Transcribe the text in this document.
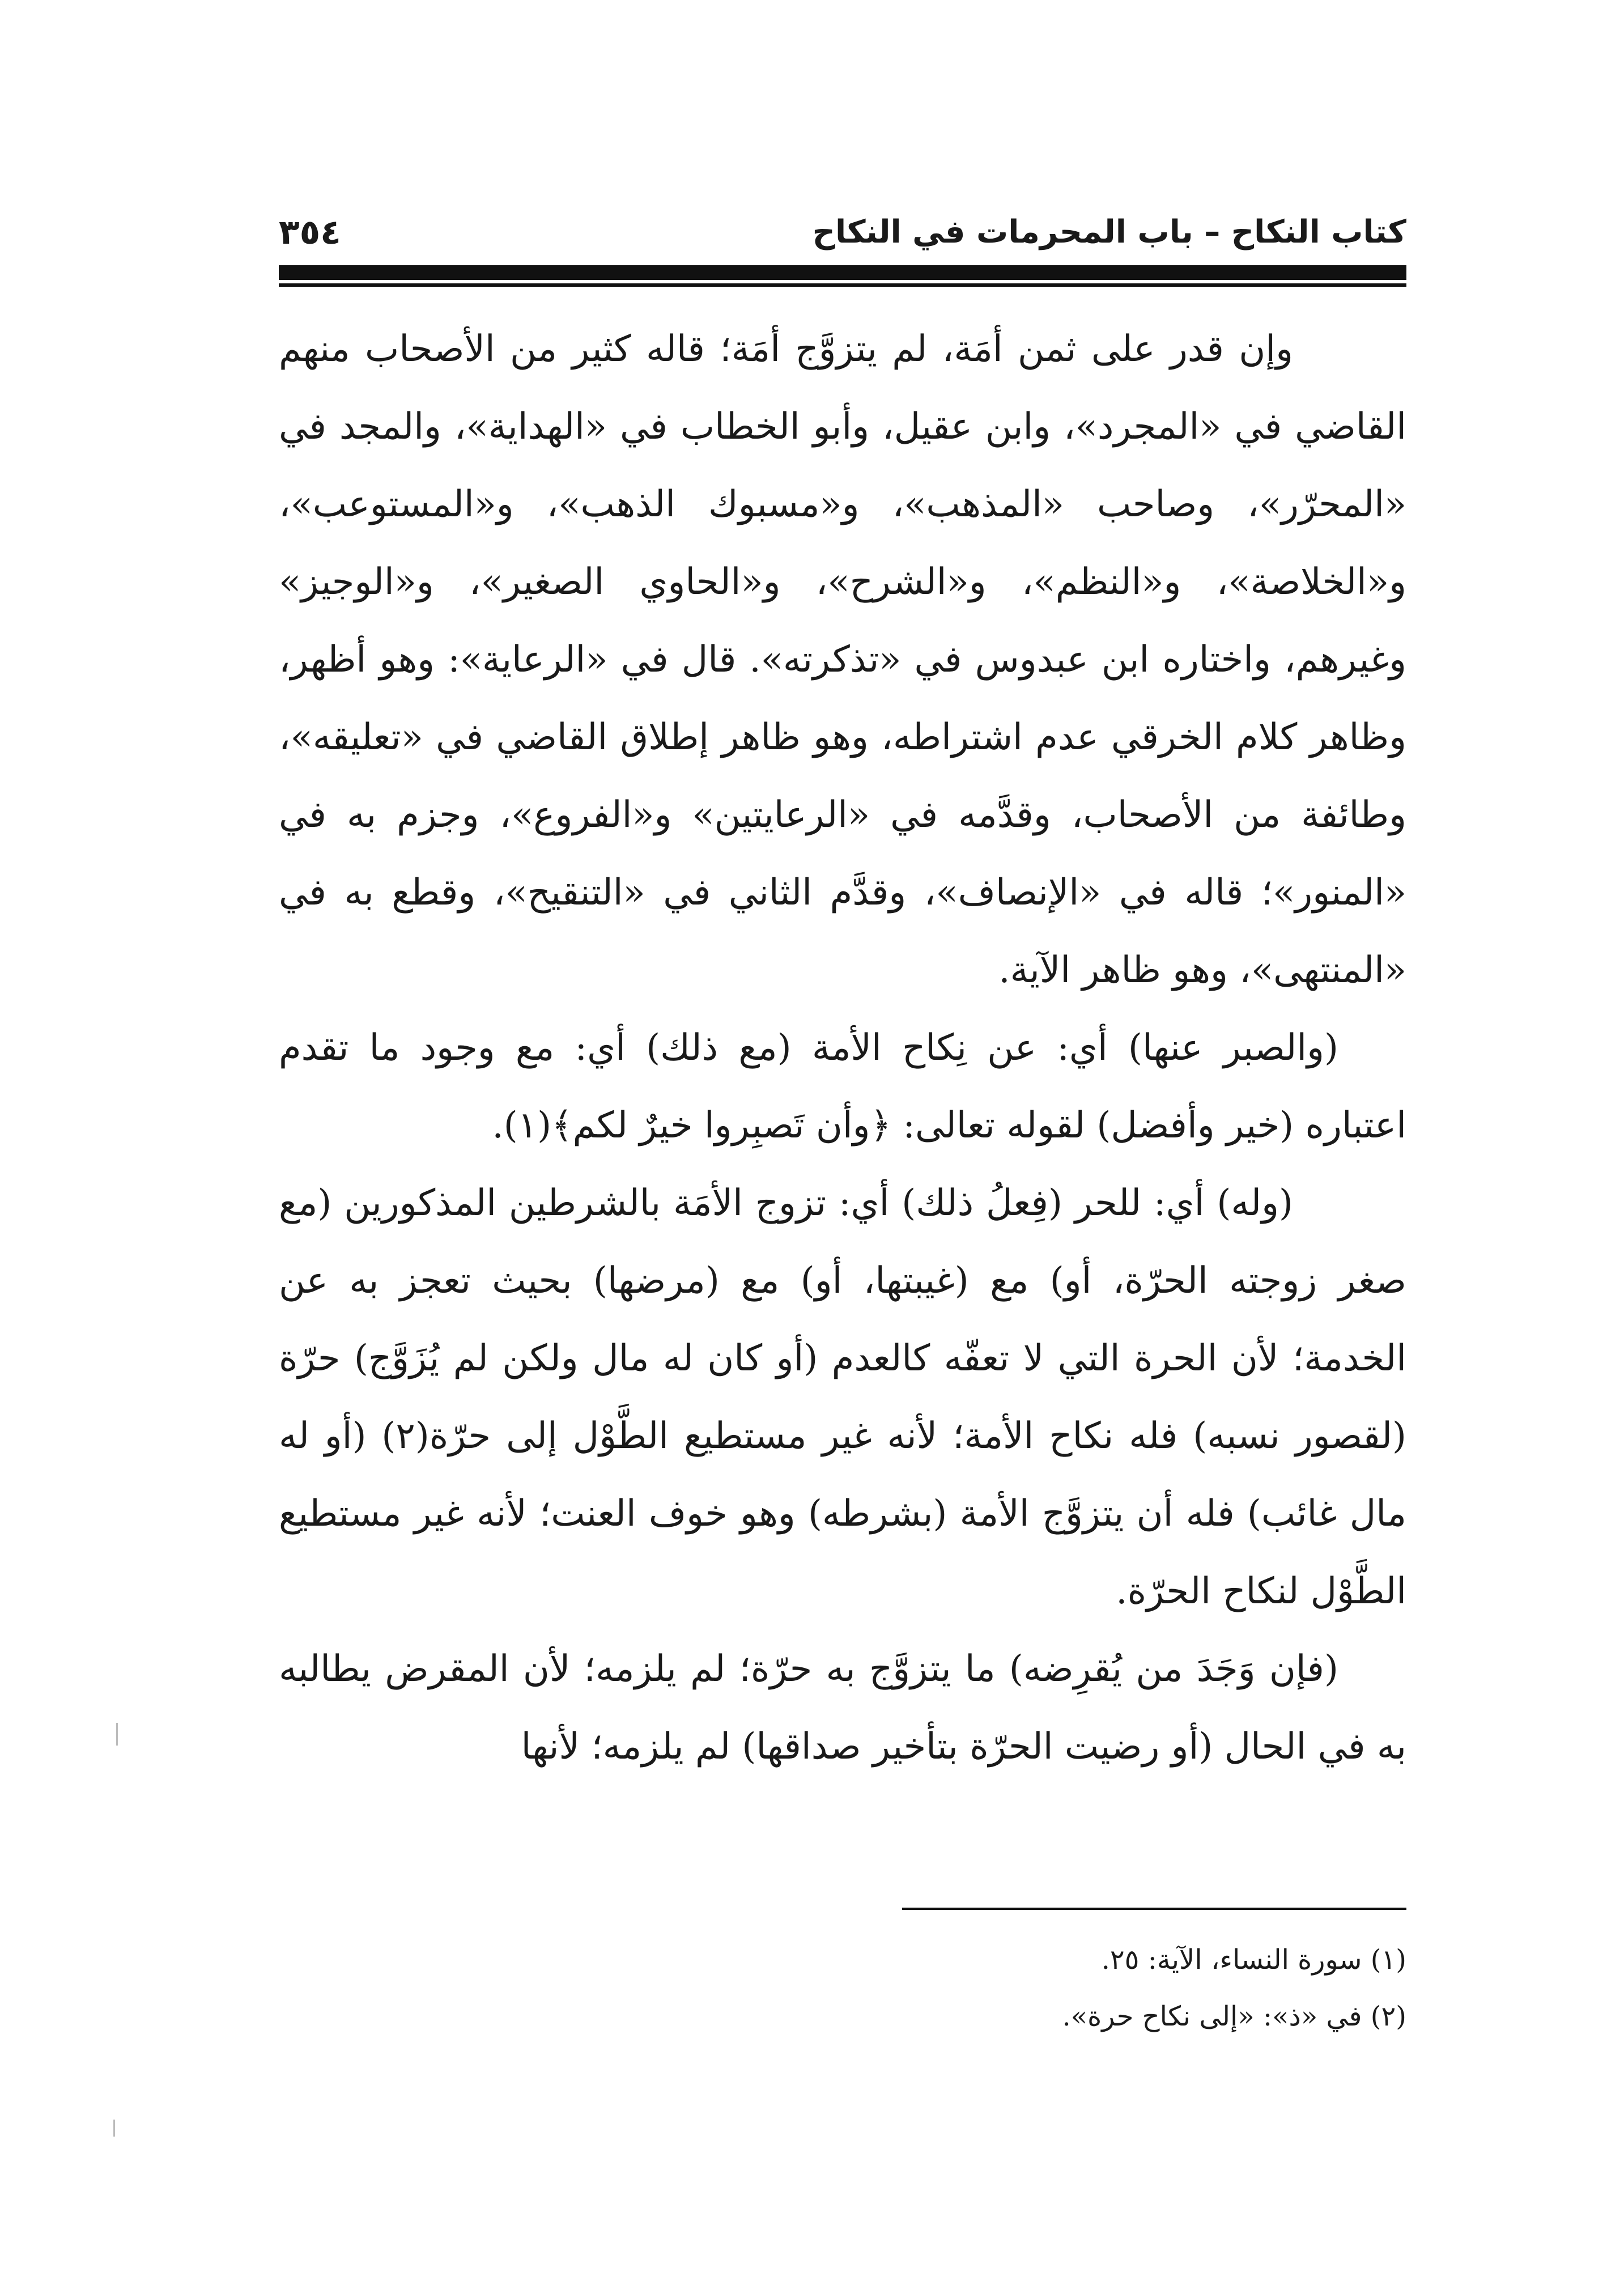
كتاب النكاح – باب المحرمات في النكاح
٣٥٤

وإن قدر على ثمن أمَة، لم يتزوَّج أمَة؛ قاله كثير من الأصحاب منهم القاضي في «المجرد»، وابن عقيل، وأبو الخطاب في «الهداية»، والمجد في «المحرّر»، وصاحب «المذهب»، و«مسبوك الذهب»، و«المستوعب»، و«الخلاصة»، و«النظم»، و«الشرح»، و«الحاوي الصغير»، و«الوجيز» وغيرهم، واختاره ابن عبدوس في «تذكرته». قال في «الرعاية»: وهو أظهر، وظاهر كلام الخرقي عدم اشتراطه، وهو ظاهر إطلاق القاضي في «تعليقه»، وطائفة من الأصحاب، وقدَّمه في «الرعايتين» و«الفروع»، وجزم به في «المنور»؛ قاله في «الإنصاف»، وقدَّم الثاني في «التنقيح»، وقطع به في «المنتهى»، وهو ظاهر الآية.

(والصبر عنها) أي: عن نِكاح الأمة (مع ذلك) أي: مع وجود ما تقدم اعتباره (خير وأفضل) لقوله تعالى: ﴿وأن تَصبِروا خيرٌ لكم﴾(١).

(وله) أي: للحر (فِعلُ ذلك) أي: تزوج الأمَة بالشرطين المذكورين (مع صغر زوجته الحرّة، أو) مع (غيبتها، أو) مع (مرضها) بحيث تعجز به عن الخدمة؛ لأن الحرة التي لا تعفّه كالعدم (أو كان له مال ولكن لم يُزَوَّج) حرّة (لقصور نسبه) فله نكاح الأمة؛ لأنه غير مستطيع الطَّوْل إلى حرّة(٢) (أو له مال غائب) فله أن يتزوَّج الأمة (بشرطه) وهو خوف العنت؛ لأنه غير مستطيع الطَّوْل لنكاح الحرّة.

(فإن وَجَدَ من يُقرِضه) ما يتزوَّج به حرّة؛ لم يلزمه؛ لأن المقرض يطالبه به في الحال (أو رضيت الحرّة بتأخير صداقها) لم يلزمه؛ لأنها

(١) سورة النساء، الآية: ٢٥.

(٢) في «ذ»: «إلى نكاح حرة».
